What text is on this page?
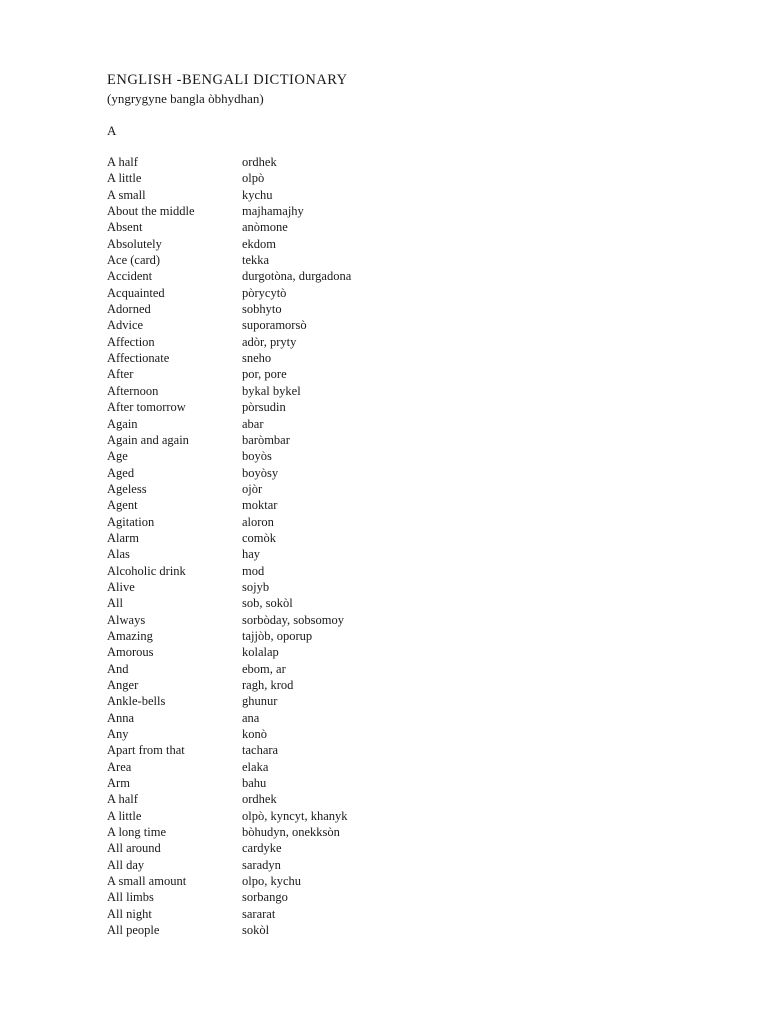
ENGLISH -BENGALI DICTIONARY
(yngrygyne bangla òbhydhan)
A
A half	ordhek
A little	olpò
A small	kychu
About the middle	majhamajhy
Absent	anòmone
Absolutely	ekdom
Ace (card)	tekka
Accident	durgotòna, durgadona
Acquainted	pòrycytò
Adorned	sobhyto
Advice	suporamorsò
Affection	adòr, pryty
Affectionate	sneho
After	por, pore
Afternoon	bykal bykel
After tomorrow	pòrsudin
Again	abar
Again and again	baròmbar
Age	boyòs
Aged	boyòsy
Ageless	ojòr
Agent	moktar
Agitation	aloron
Alarm	comòk
Alas	hay
Alcoholic drink	mod
Alive	sojyb
All	sob, sokòl
Always	sorbòday, sobsomoy
Amazing	tajjòb, oporup
Amorous	kolalap
And	ebom, ar
Anger	ragh, krod
Ankle-bells	ghunur
Anna	ana
Any	konò
Apart from that	tachara
Area	elaka
Arm	bahu
A half	ordhek
A little	olpò, kyncyt, khanyk
A long time	bòhudyn, onekksòn
All around	cardyke
All day	saradyn
A small amount	olpo, kychu
All limbs	sorbango
All night	sararat
All people	sokòl
